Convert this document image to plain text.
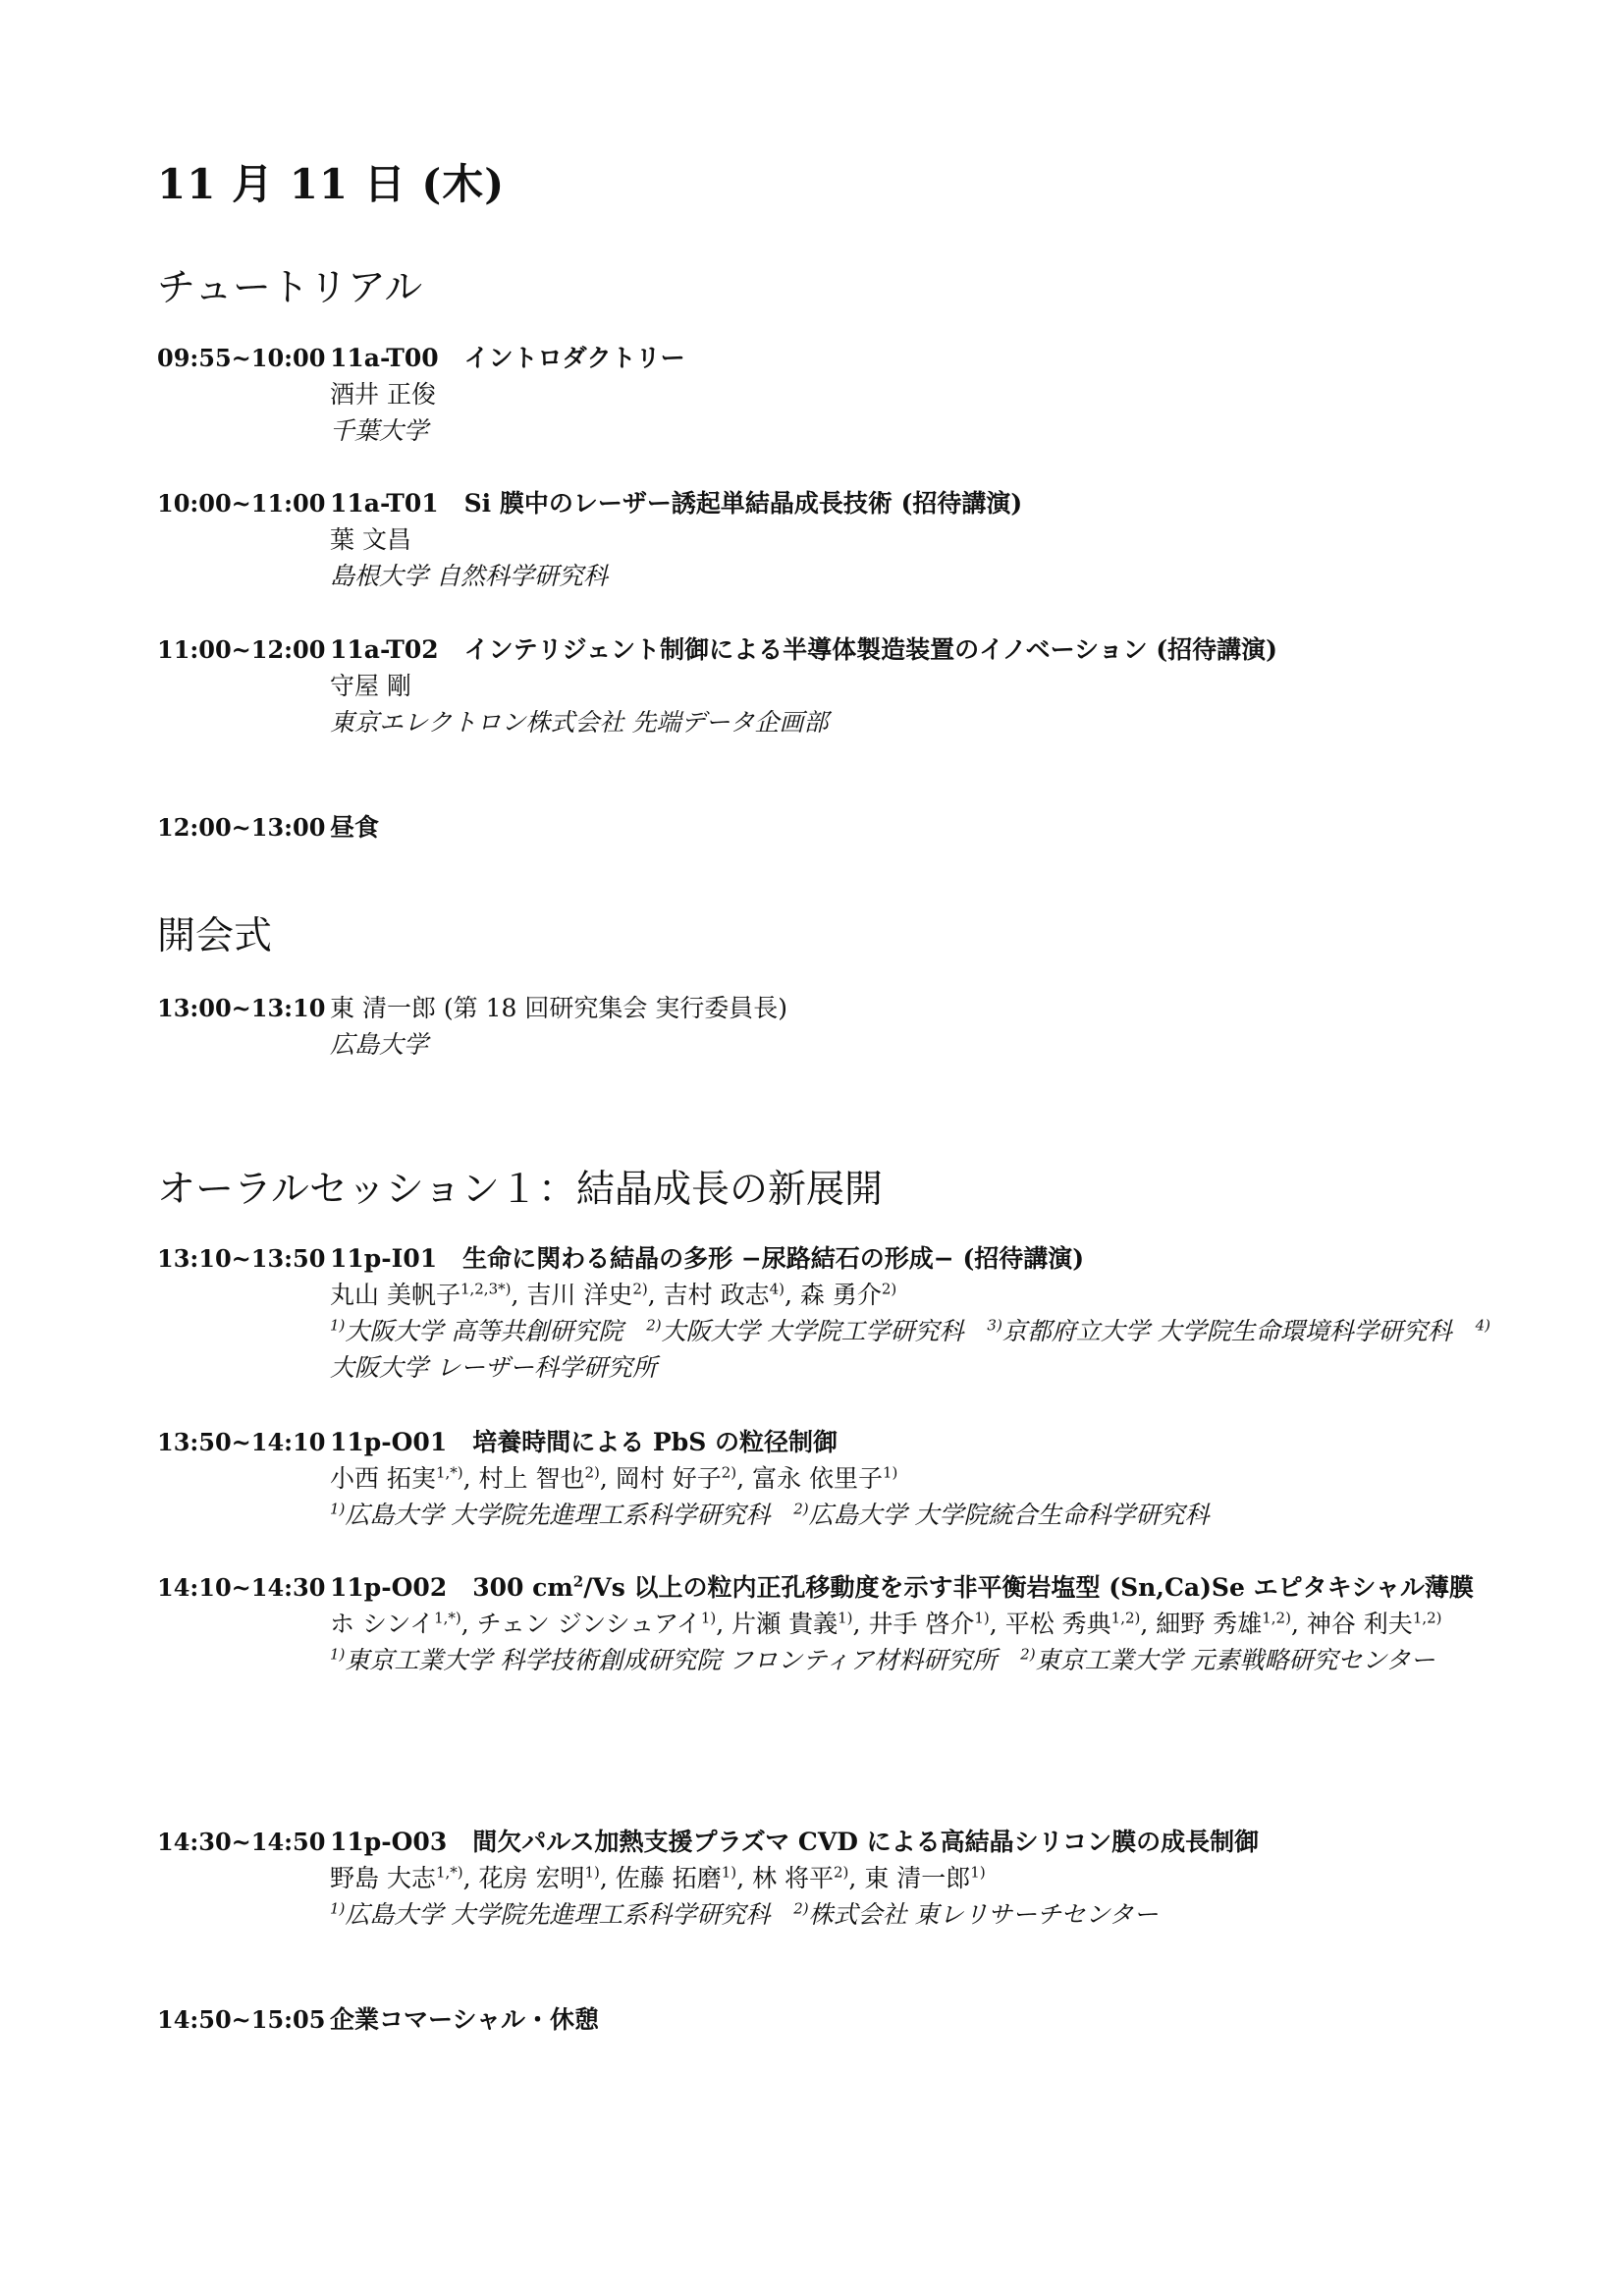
11 月 11 日 (木)
チュートリアル
09:55~10:00 11a-T00 イントロダクトリー
酒井 正俊
千葉大学
10:00~11:00 11a-T01 Si 膜中のレーザー誘起単結晶成長技術 (招待講演)
葉 文昌
島根大学 自然科学研究科
11:00~12:00 11a-T02 インテリジェント制御による半導体製造装置のイノベーション (招待講演)
守屋 剛
東京エレクトロン株式会社 先端データ企画部
12:00~13:00 昼食
開会式
13:00~13:10 東 清一郎 (第 18 回研究集会 実行委員長)
広島大学
オーラルセッション１：結晶成長の新展開
13:10~13:50 11p-I01 生命に関わる結晶の多形 −尿路結石の形成− (招待講演)
丸山 美帆子$^{1,2,3*)}$, 吉川 洋史$^{2)}$, 吉村 政志$^{4)}$, 森 勇介$^{2)}$
$^{1)}$大阪大学 高等共創研究院 $^{2)}$大阪大学 大学院工学研究科 $^{3)}$京都府立大学 大学院生命環境科学研究科 $^{4)}$大阪大学 レーザー科学研究所
13:50~14:10 11p-O01 培養時間による PbS の粒径制御
小西 拓実$^{1,*)}$, 村上 智也$^{2)}$, 岡村 好子$^{2)}$, 富永 依里子$^{1)}$
$^{1)}$広島大学 大学院先進理工系科学研究科 $^{2)}$広島大学 大学院統合生命科学研究科
14:10~14:30 11p-O02 300 $cm^2/Vs$ 以上の粒内正孔移動度を示す非平衡岩塩型 (Sn,Ca)Se エピタキシャル薄膜
ホ シンイ$^{1,*)}$, チェン ジンシュアイ$^{1)}$, 片瀬 貴義$^{1)}$, 井手 啓介$^{1)}$, 平松 秀典$^{1,2)}$, 細野 秀雄$^{1,2)}$, 神谷 利夫$^{1,2)}$
$^{1)}$東京工業大学 科学技術創成研究院 フロンティア材料研究所 $^{2)}$東京工業大学 元素戦略研究センター
14:30~14:50 11p-O03 間欠パルス加熱支援プラズマ CVD による高結晶シリコン膜の成長制御
野島 大志$^{1,*)}$, 花房 宏明$^{1)}$, 佐藤 拓磨$^{1)}$, 林 将平$^{2)}$, 東 清一郎$^{1)}$
$^{1)}$広島大学 大学院先進理工系科学研究科 $^{2)}$株式会社 東レリサーチセンター
14:50~15:05 企業コマーシャル・休憩
